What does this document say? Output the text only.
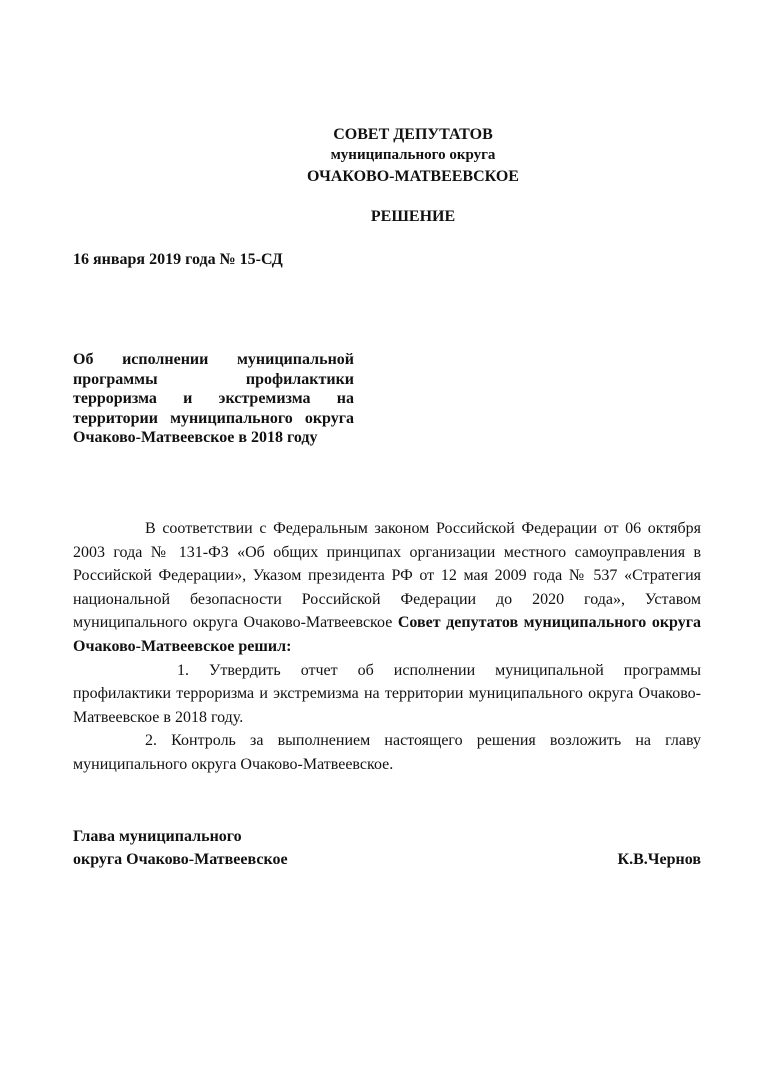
СОВЕТ ДЕПУТАТОВ
муниципального округа
ОЧАКОВО-МАТВЕЕВСКОЕ
РЕШЕНИЕ
16 января 2019 года № 15-СД
Об исполнении муниципальной программы профилактики терроризма и экстремизма на территории муниципального округа Очаково-Матвеевское в 2018 году

В соответствии с Федеральным законом Российской Федерации от 06 октября 2003 года № 131-ФЗ «Об общих принципах организации местного самоуправления в Российской Федерации», Указом президента РФ от 12 мая 2009 года № 537 «Стратегия национальной безопасности Российской Федерации до 2020 года», Уставом муниципального округа Очаково-Матвеевское Совет депутатов муниципального округа Очаково-Матвеевское решил:

1. Утвердить отчет об исполнении муниципальной программы профилактики терроризма и экстремизма на территории муниципального округа Очаково-Матвеевское в 2018 году.

2. Контроль за выполнением настоящего решения возложить на главу муниципального округа Очаково-Матвеевское.

Глава муниципального
округа Очаково-Матвеевское	К.В.Чернов
